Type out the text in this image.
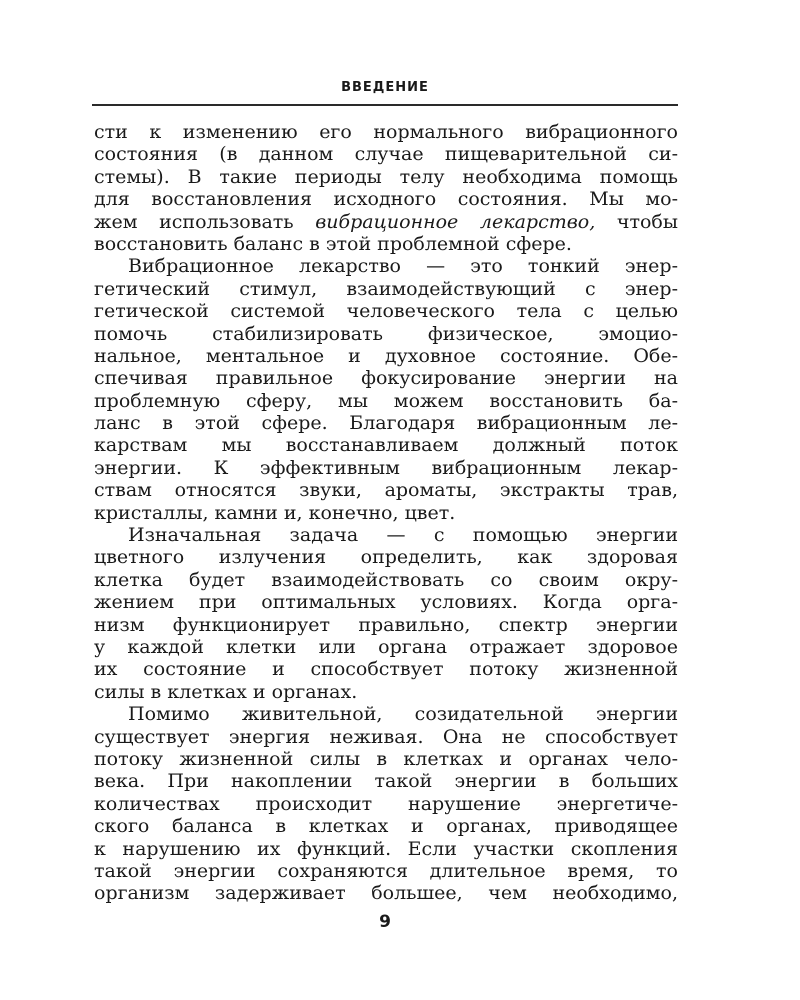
ВВЕДЕНИЕ

сти к изменению его нормального вибрационного
состояния (в данном случае пищеварительной си-
стемы). В такие периоды телу необходима помощь
для восстановления исходного состояния. Мы мо-
жем использовать вибрационное лекарство, чтобы
восстановить баланс в этой проблемной сфере.

Вибрационное лекарство — это тонкий энер-
гетический стимул, взаимодействующий с энер-
гетической системой человеческого тела с целью
помочь стабилизировать физическое, эмоцио-
нальное, ментальное и духовное состояние. Обе-
спечивая правильное фокусирование энергии на
проблемную сферу, мы можем восстановить ба-
ланс в этой сфере. Благодаря вибрационным ле-
карствам мы восстанавливаем должный поток
энергии. К эффективным вибрационным лекар-
ствам относятся звуки, ароматы, экстракты трав,
кристаллы, камни и, конечно, цвет.

Изначальная задача — с помощью энергии
цветного излучения определить, как здоровая
клетка будет взаимодействовать со своим окру-
жением при оптимальных условиях. Когда орга-
низм функционирует правильно, спектр энергии
у каждой клетки или органа отражает здоровое
их состояние и способствует потоку жизненной
силы в клетках и органах.

Помимо живительной, созидательной энергии
существует энергия неживая. Она не способствует
потоку жизненной силы в клетках и органах чело-
века. При накоплении такой энергии в больших
количествах происходит нарушение энергетиче-
ского баланса в клетках и органах, приводящее
к нарушению их функций. Если участки скопления
такой энергии сохраняются длительное время, то
организм задерживает большее, чем необходимо,

9
